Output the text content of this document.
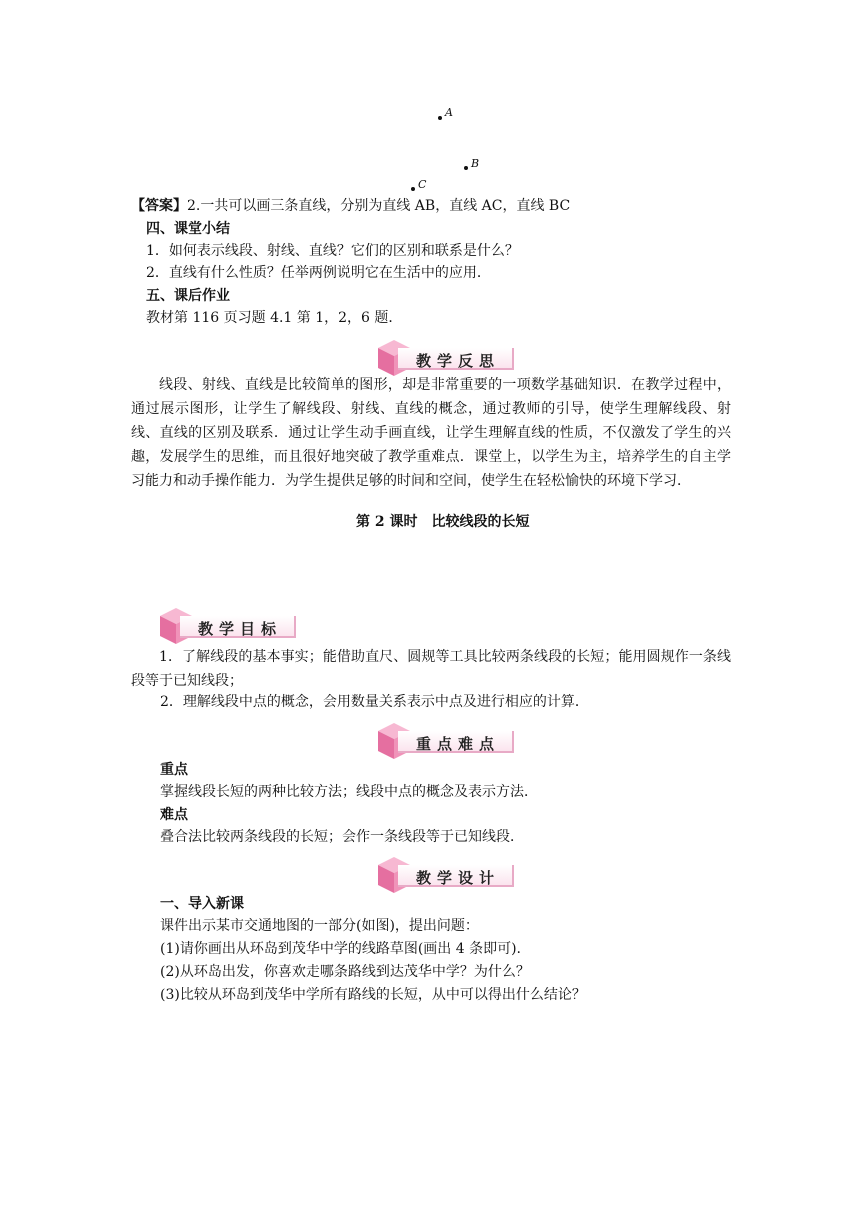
A
B
C
【答案】2.一共可以画三条直线，分别为直线 AB，直线 AC，直线 BC
四、课堂小结
1．如何表示线段、射线、直线？它们的区别和联系是什么？
2．直线有什么性质？任举两例说明它在生活中的应用．
五、课后作业
教材第 116 页习题 4.1 第 1，2，6 题．
教学反思
线段、射线、直线是比较简单的图形，却是非常重要的一项数学基础知识．在教学过程中，通过展示图形，让学生了解线段、射线、直线的概念，通过教师的引导，使学生理解线段、射线、直线的区别及联系．通过让学生动手画直线，让学生理解直线的性质，不仅激发了学生的兴趣，发展学生的思维，而且很好地突破了教学重难点．课堂上，以学生为主，培养学生的自主学习能力和动手操作能力．为学生提供足够的时间和空间，使学生在轻松愉快的环境下学习．
第 2 课时　比较线段的长短
教学目标
1．了解线段的基本事实；能借助直尺、圆规等工具比较两条线段的长短；能用圆规作一条线段等于已知线段；
2．理解线段中点的概念，会用数量关系表示中点及进行相应的计算．
重点难点
重点
掌握线段长短的两种比较方法；线段中点的概念及表示方法．
难点
叠合法比较两条线段的长短；会作一条线段等于已知线段．
教学设计
一、导入新课
课件出示某市交通地图的一部分(如图)，提出问题：
(1)请你画出从环岛到茂华中学的线路草图(画出 4 条即可).
(2)从环岛出发，你喜欢走哪条路线到达茂华中学？为什么？
(3)比较从环岛到茂华中学所有路线的长短，从中可以得出什么结论？
